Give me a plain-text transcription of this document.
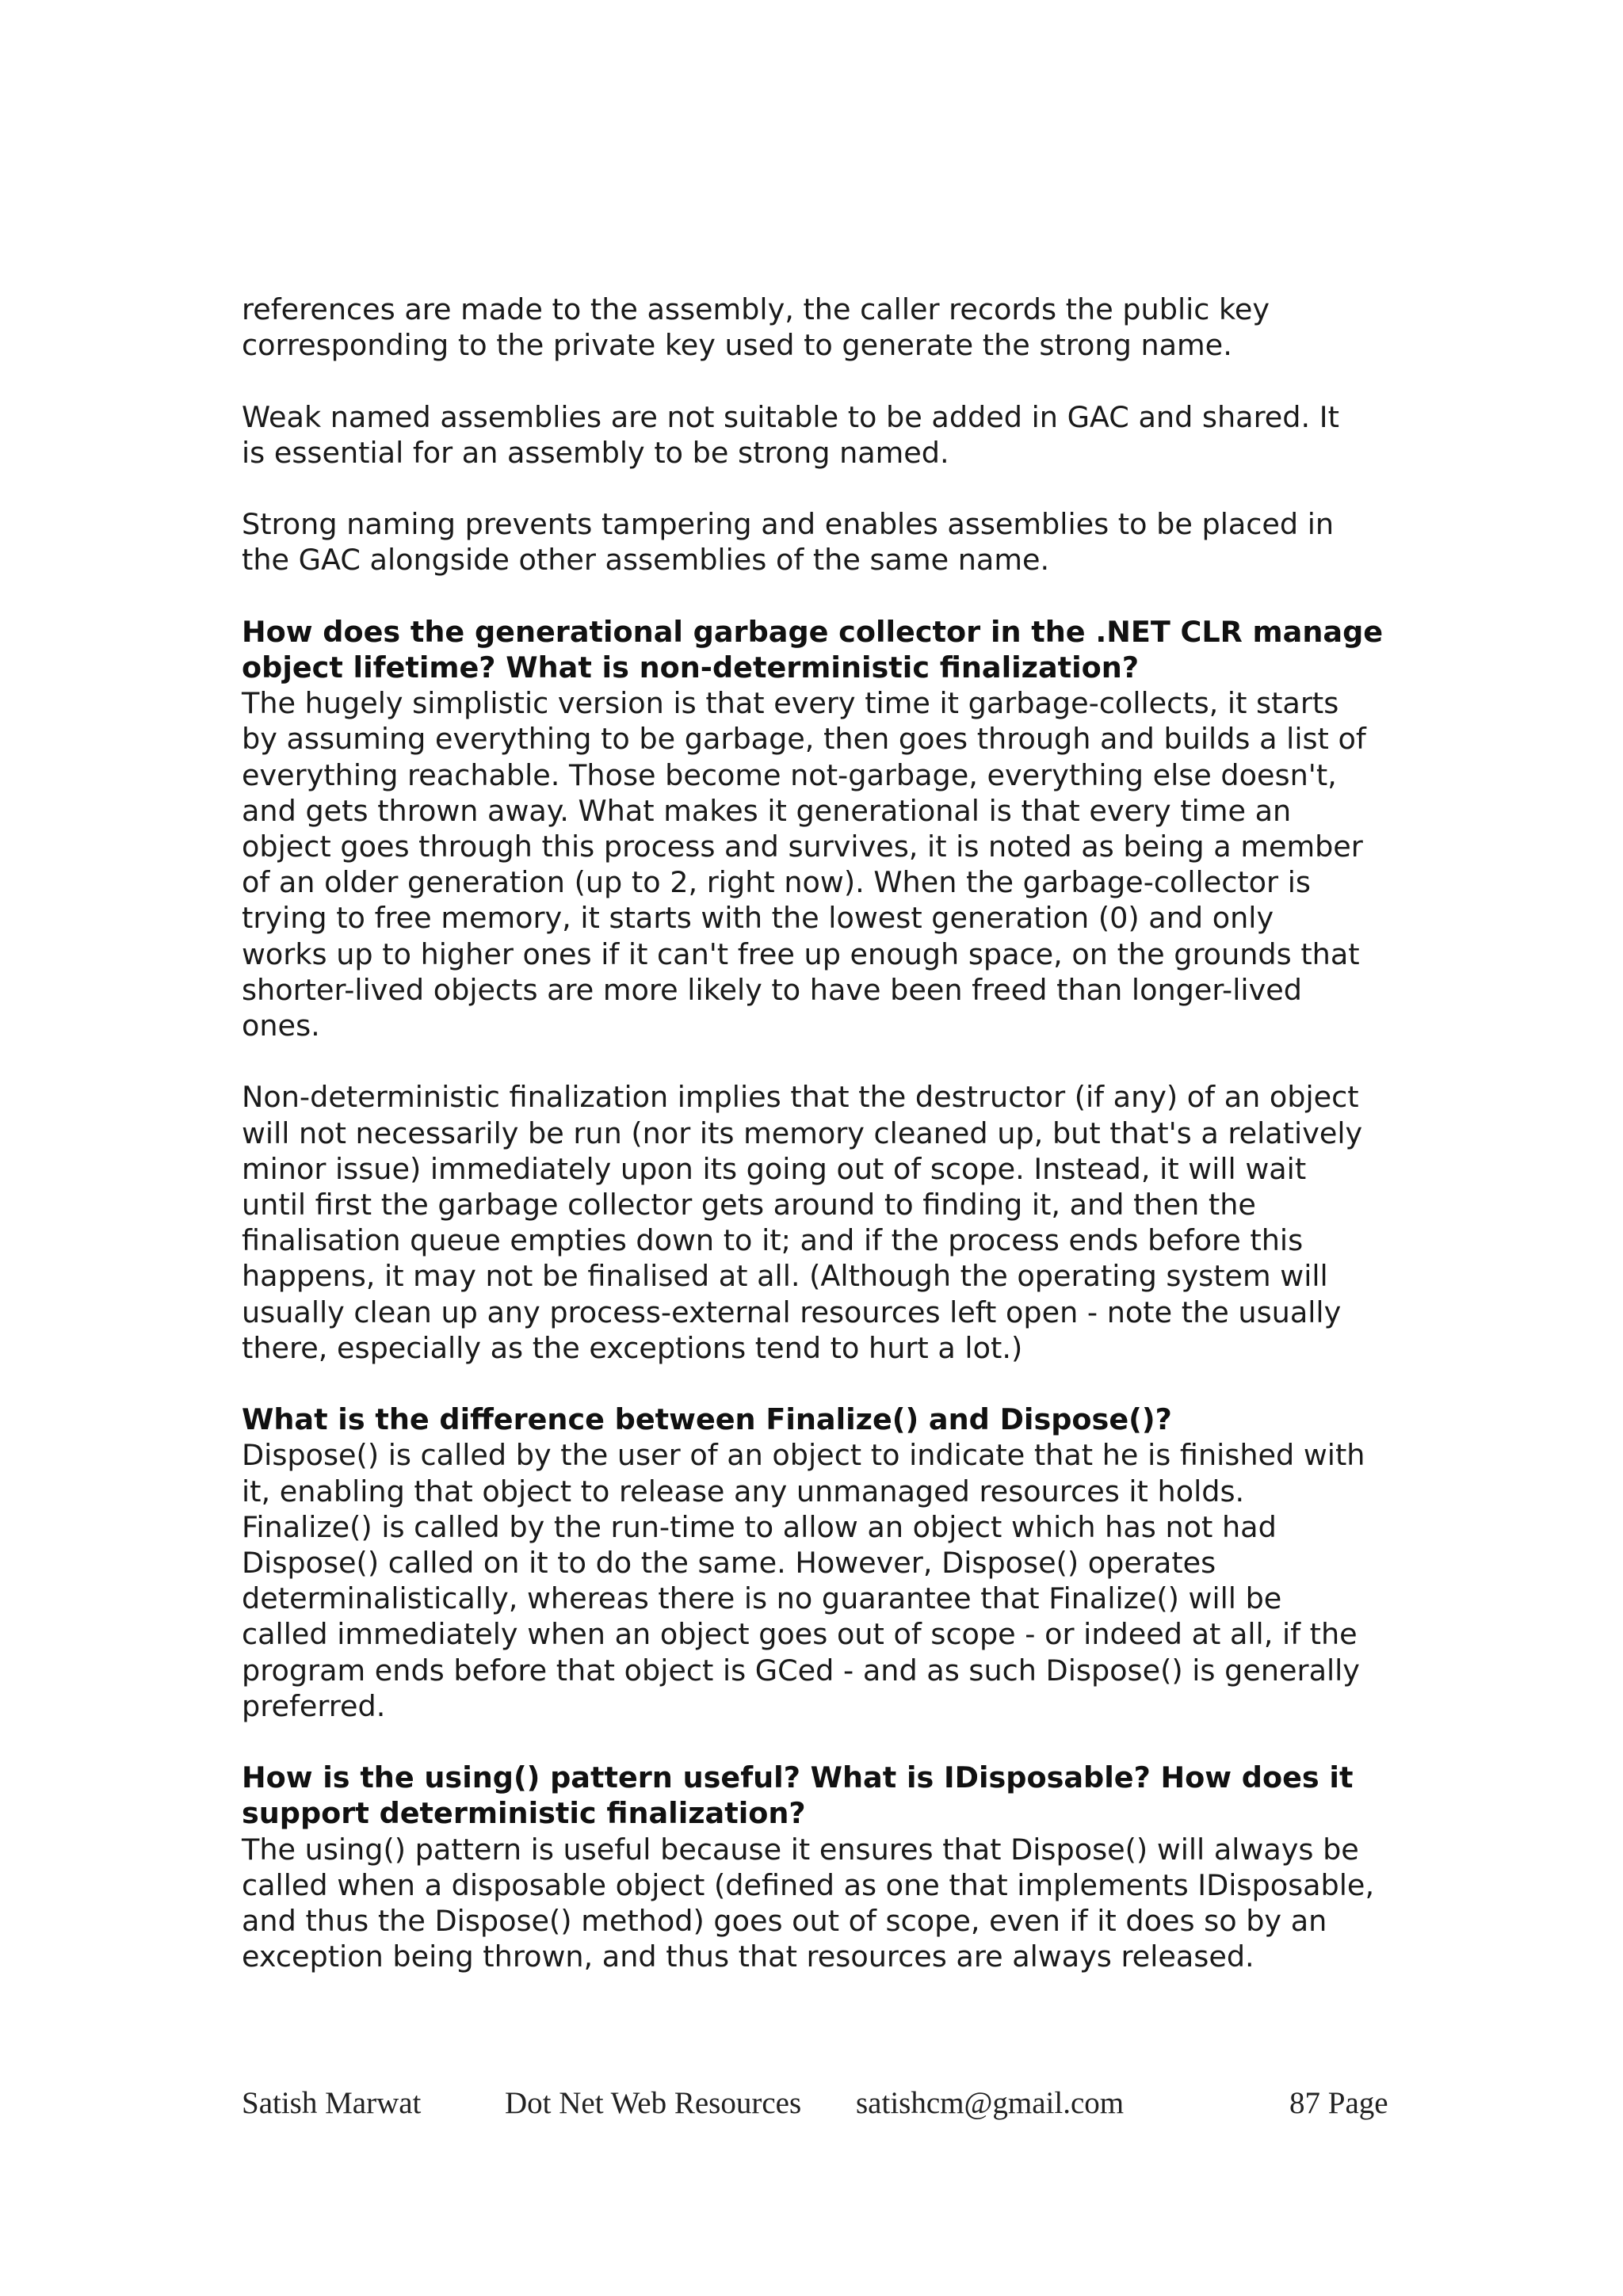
references are made to the assembly, the caller records the public key
corresponding to the private key used to generate the strong name.

Weak named assemblies are not suitable to be added in GAC and shared. It
is essential for an assembly to be strong named.

Strong naming prevents tampering and enables assemblies to be placed in
the GAC alongside other assemblies of the same name.

How does the generational garbage collector in the .NET CLR manage
object lifetime? What is non-deterministic finalization?

The hugely simplistic version is that every time it garbage-collects, it starts
by assuming everything to be garbage, then goes through and builds a list of
everything reachable. Those become not-garbage, everything else doesn't,
and gets thrown away. What makes it generational is that every time an
object goes through this process and survives, it is noted as being a member
of an older generation (up to 2, right now). When the garbage-collector is
trying to free memory, it starts with the lowest generation (0) and only
works up to higher ones if it can't free up enough space, on the grounds that
shorter-lived objects are more likely to have been freed than longer-lived
ones.

Non-deterministic finalization implies that the destructor (if any) of an object
will not necessarily be run (nor its memory cleaned up, but that's a relatively
minor issue) immediately upon its going out of scope. Instead, it will wait
until first the garbage collector gets around to finding it, and then the
finalisation queue empties down to it; and if the process ends before this
happens, it may not be finalised at all. (Although the operating system will
usually clean up any process-external resources left open - note the usually
there, especially as the exceptions tend to hurt a lot.)

What is the difference between Finalize() and Dispose()?

Dispose() is called by the user of an object to indicate that he is finished with
it, enabling that object to release any unmanaged resources it holds.
Finalize() is called by the run-time to allow an object which has not had
Dispose() called on it to do the same. However, Dispose() operates
determinalistically, whereas there is no guarantee that Finalize() will be
called immediately when an object goes out of scope - or indeed at all, if the
program ends before that object is GCed - and as such Dispose() is generally
preferred.

How is the using() pattern useful? What is IDisposable? How does it
support deterministic finalization?

The using() pattern is useful because it ensures that Dispose() will always be
called when a disposable object (defined as one that implements IDisposable,
and thus the Dispose() method) goes out of scope, even if it does so by an
exception being thrown, and thus that resources are always released.

Satish Marwat	Dot Net Web Resources satishcm@gmail.com	87 Page
